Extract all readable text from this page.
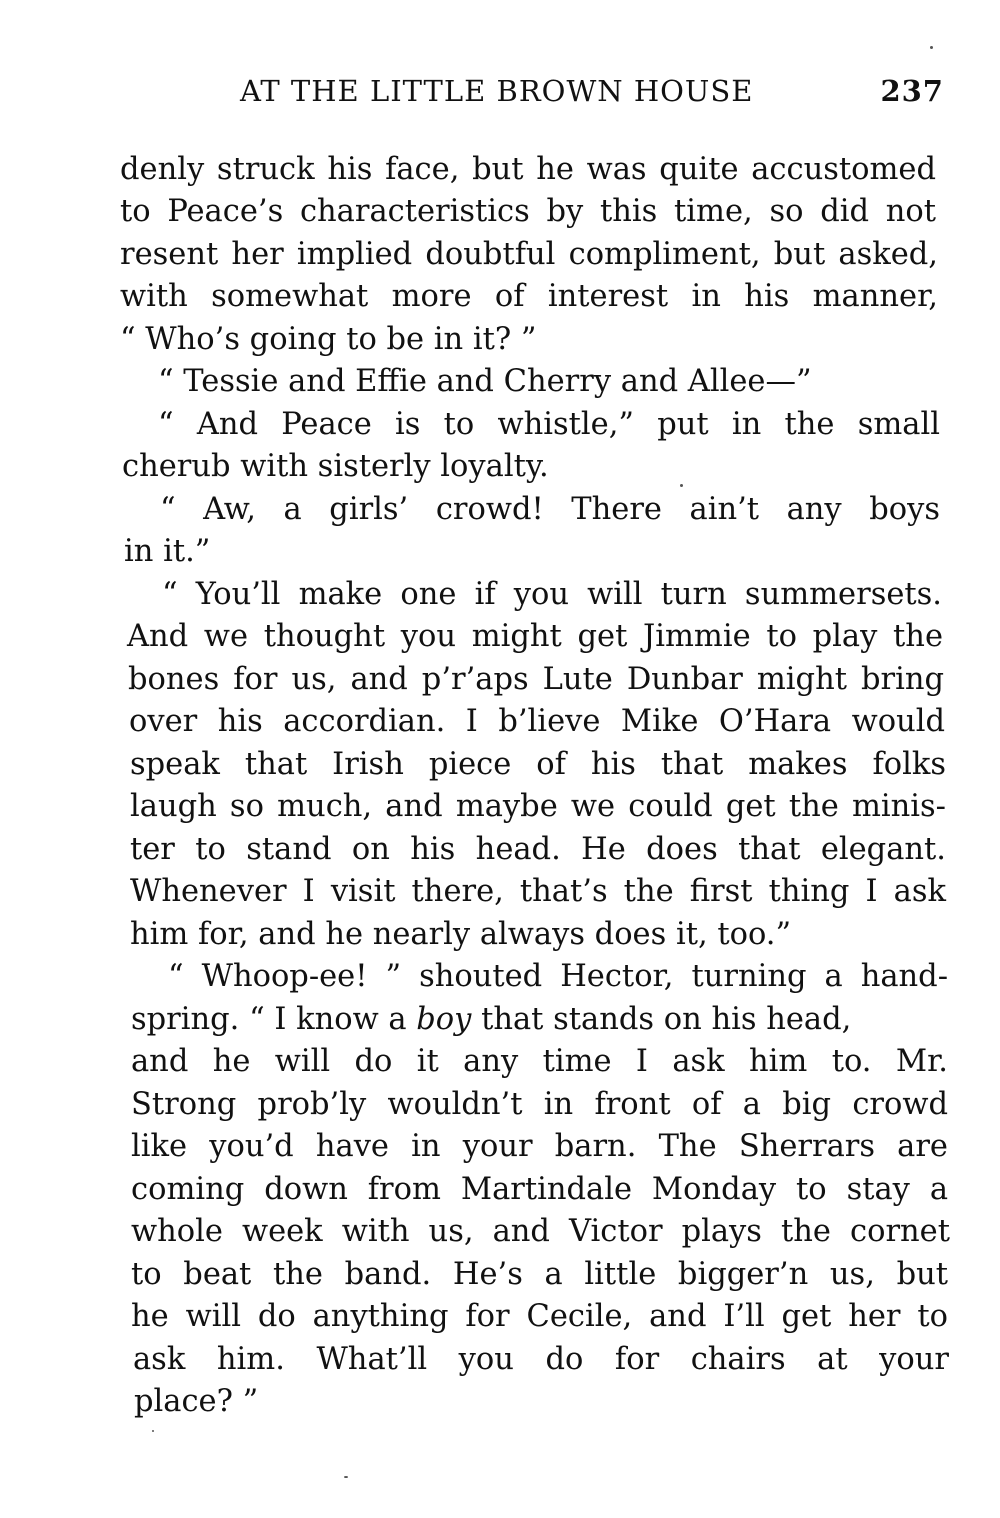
AT THE LITTLE BROWN HOUSE	237
denly struck his face, but he was quite accustomed
to Peace’s characteristics by this time, so did not
resent her implied doubtful compliment, but asked,
with somewhat more of interest in his manner,
“ Who’s going to be in it? ”
“ Tessie and Effie and Cherry and Allee—”
“ And Peace is to whistle,” put in the small
cherub with sisterly loyalty.
“ Aw, a girls’ crowd! There ain’t any boys
in it.”
“ You’ll make one if you will turn summersets.
And we thought you might get Jimmie to play the
bones for us, and p’r’aps Lute Dunbar might bring
over his accordian. I b’lieve Mike O’Hara would
speak that Irish piece of his that makes folks
laugh so much, and maybe we could get the minis-
ter to stand on his head. He does that elegant.
Whenever I visit there, that’s the first thing I ask
him for, and he nearly always does it, too.”
“ Whoop-ee! ” shouted Hector, turning a hand-
spring. “ I know a boy that stands on his head,
and he will do it any time I ask him to. Mr.
Strong prob’ly wouldn’t in front of a big crowd
like you’d have in your barn. The Sherrars are
coming down from Martindale Monday to stay a
whole week with us, and Victor plays the cornet
to beat the band. He’s a little bigger’n us, but
he will do anything for Cecile, and I’ll get her to
ask him. What’ll you do for chairs at your
place? ”
